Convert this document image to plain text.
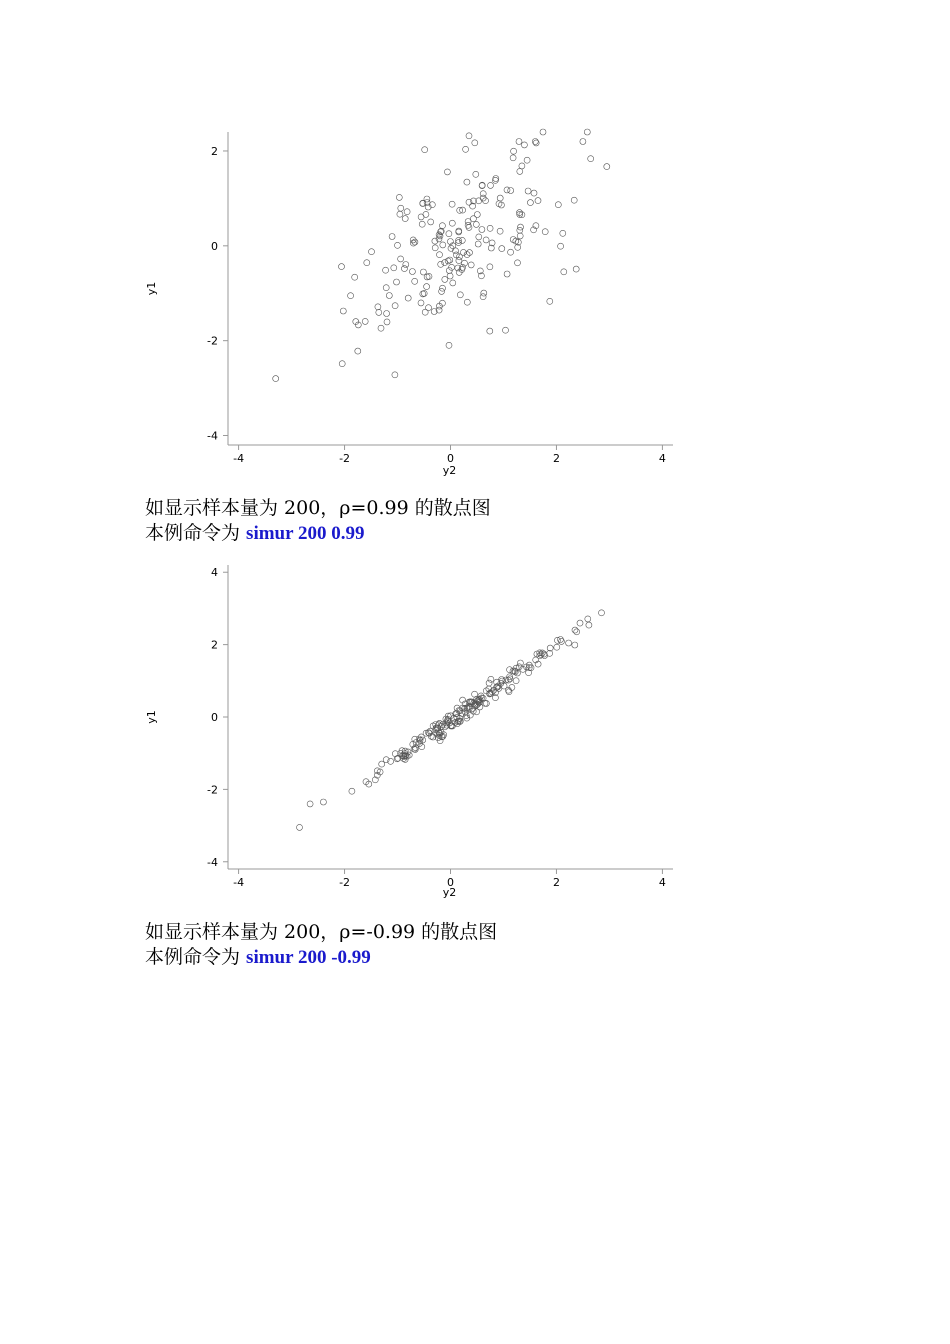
-4
-2
0
2
-4	-2	0	2	4
y2
y1
如显示样本量为 200，ρ=0.99 的散点图
本例命令为 simur 200 0.99
-4
-2
0
2
4
-4	-2	0	2	4
y2
y1
如显示样本量为 200，ρ=-0.99 的散点图
本例命令为 simur 200 -0.99
